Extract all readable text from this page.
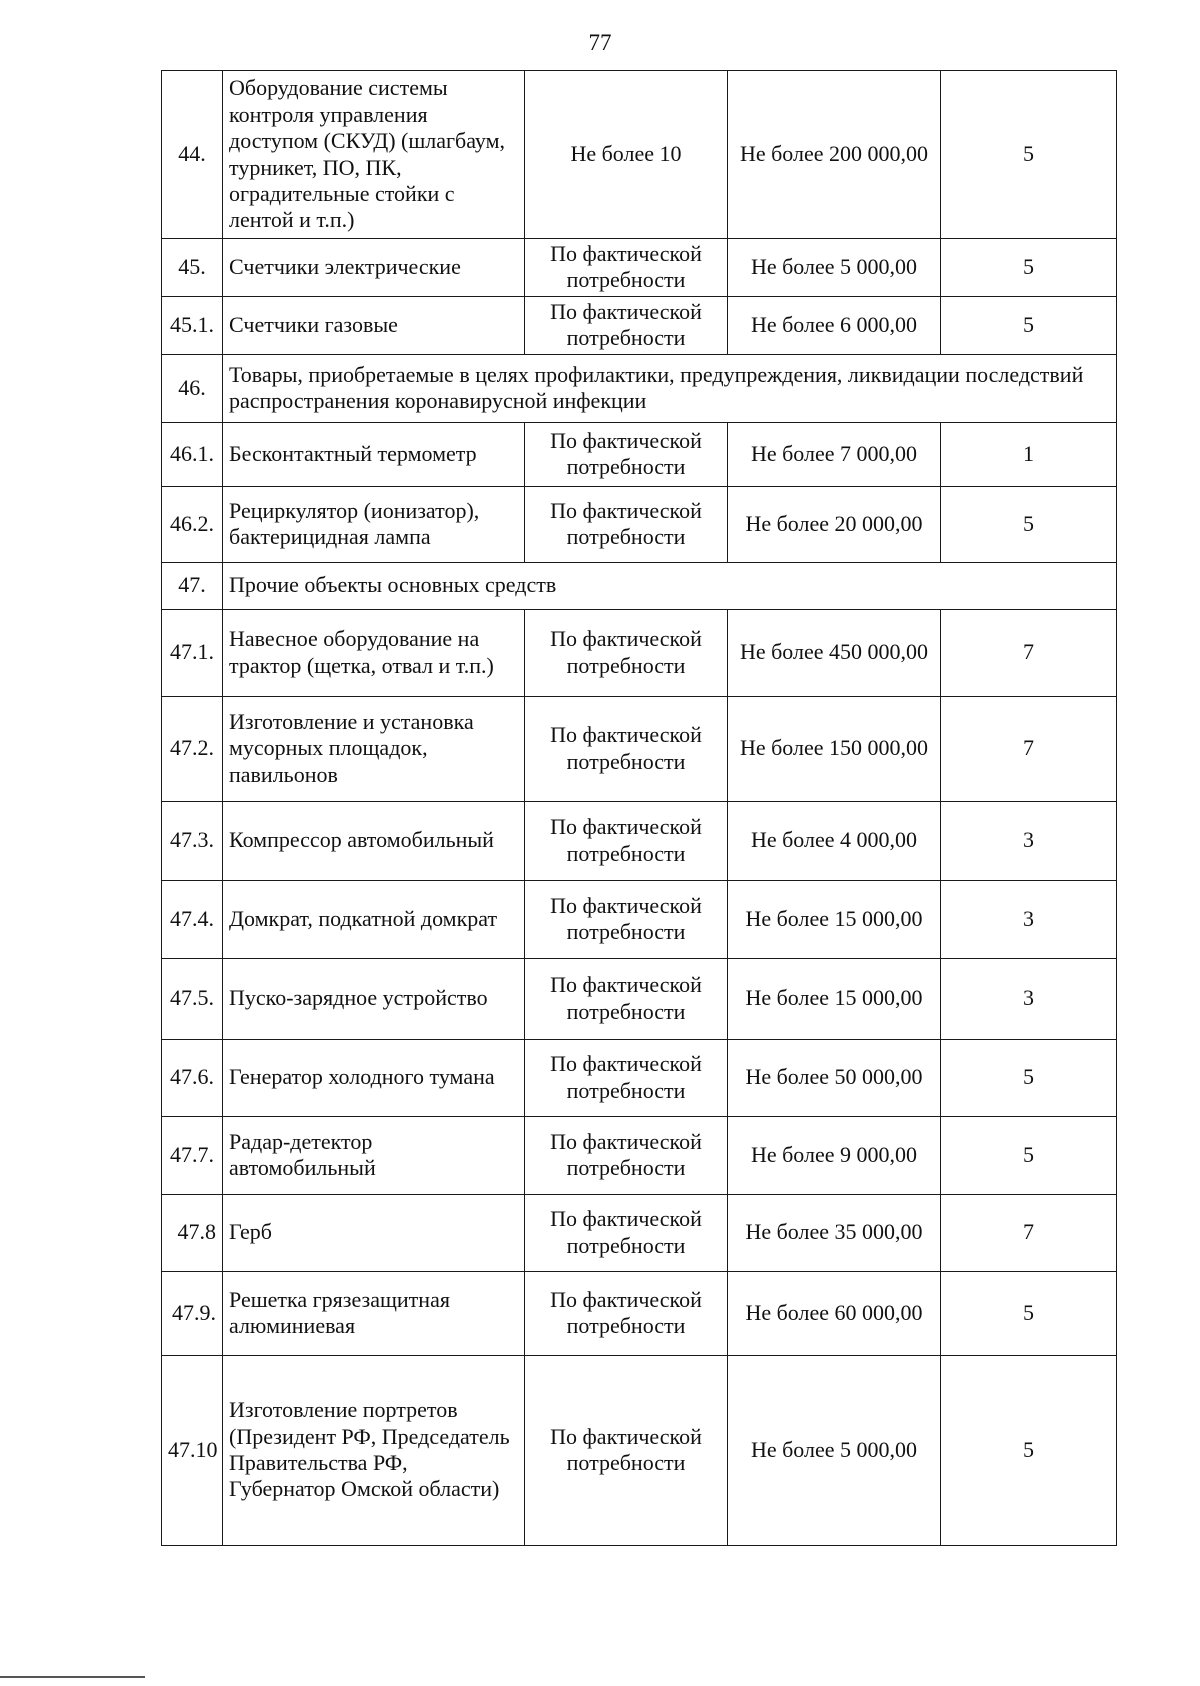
77
44.	Оборудование системы контроля управления доступом (СКУД) (шлагбаум, турникет, ПО, ПК, оградительные стойки с лентой и т.п.)	Не более 10	Не более 200 000,00	5
45.	Счетчики электрические	По фактической потребности	Не более 5 000,00	5
45.1.	Счетчики газовые	По фактической потребности	Не более 6 000,00	5
46.	Товары, приобретаемые в целях профилактики, предупреждения, ликвидации последствий распространения коронавирусной инфекции			
46.1.	Бесконтактный термометр	По фактической потребности	Не более 7 000,00	1
46.2.	Рециркулятор (ионизатор), бактерицидная лампа	По фактической потребности	Не более 20 000,00	5
47.	Прочие объекты основных средств			
47.1.	Навесное оборудование на трактор (щетка, отвал и т.п.)	По фактической потребности	Не более 450 000,00	7
47.2.	Изготовление и установка мусорных площадок, павильонов	По фактической потребности	Не более 150 000,00	7
47.3.	Компрессор автомобильный	По фактической потребности	Не более 4 000,00	3
47.4.	Домкрат, подкатной домкрат	По фактической потребности	Не более 15 000,00	3
47.5.	Пуско-зарядное устройство	По фактической потребности	Не более 15 000,00	3
47.6.	Генератор холодного тумана	По фактической потребности	Не более 50 000,00	5
47.7.	Радар-детектор автомобильный	По фактической потребности	Не более 9 000,00	5
47.8	Герб	По фактической потребности	Не более 35 000,00	7
47.9.	Решетка грязезащитная алюминиевая	По фактической потребности	Не более 60 000,00	5
47.10	Изготовление портретов (Президент РФ, Председатель Правительства РФ, Губернатор Омской области)	По фактической потребности	Не более 5 000,00	5
